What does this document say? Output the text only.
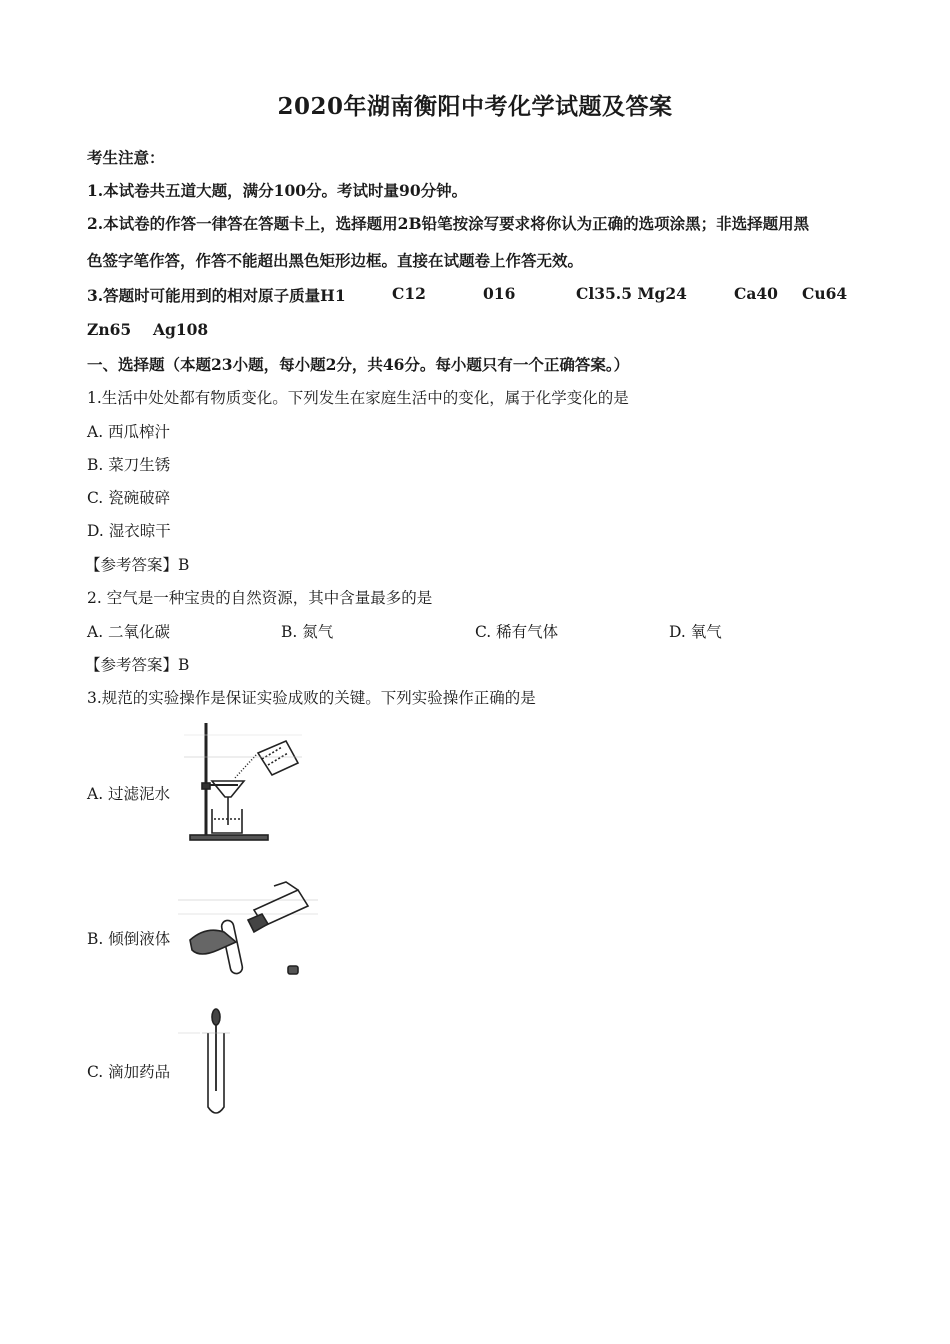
2020年湖南衡阳中考化学试题及答案
考生注意：
1.本试卷共五道大题，满分100分。考试时量90分钟。
2.本试卷的作答一律答在答题卡上，选择题用2B铅笔按涂写要求将你认为正确的选项涂黑；非选择题用黑
色签字笔作答，作答不能超出黑色矩形边框。直接在试题卷上作答无效。
3.答题时可能用到的相对原子质量H1	C12	016	Cl35.5 Mg24	Ca40 Cu64
Zn65 Ag108
一、选择题（本题23小题，每小题2分，共46分。每小题只有一个正确答案。）
1.生活中处处都有物质变化。下列发生在家庭生活中的变化，属于化学变化的是
A. 西瓜榨汁
B. 菜刀生锈
C. 瓷碗破碎
D. 湿衣晾干
【参考答案】B
2. 空气是一种宝贵的自然资源，其中含量最多的是
A. 二氧化碳	B. 氮气	C. 稀有气体	D. 氧气
【参考答案】B
3.规范的实验操作是保证实验成败的关键。下列实验操作正确的是
A. 过滤泥水
B. 倾倒液体
C. 滴加药品
